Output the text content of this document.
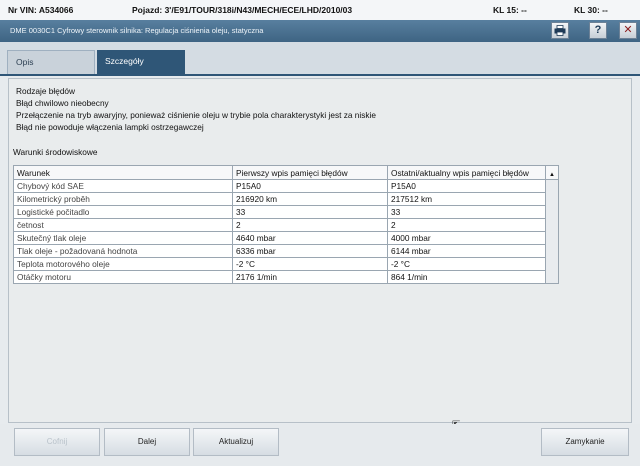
Nr VIN: A534066	Pojazd: 3'/E91/TOUR/318i/N43/MECH/ECE/LHD/2010/03	KL 15: --	KL 30: --
DME 0030C1 Cyfrowy sterownik silnika: Regulacja ciśnienia oleju, statyczna	?	✕
Opis	Szczegóły
Rodzaje błędów
Błąd chwilowo nieobecny
Przełączenie na tryb awaryjny, ponieważ ciśnienie oleju w trybie pola charakterystyki jest za niskie
Błąd nie powoduje włączenia lampki ostrzegawczej
Warunki środowiskowe
Warunek	Pierwszy wpis pamięci błędów	Ostatni/aktualny wpis pamięci błędów	▲
Chybový kód SAE	P15A0	P15A0	
Kilometrický proběh	216920 km	217512 km	
Logistické počitadlo	33	33	
četnost	2	2	
Skutečný tlak oleje	4640 mbar	4000 mbar	
Tlak oleje - požadovaná hodnota	6336 mbar	6144 mbar	
Teplota motorového oleje	-2 °C	-2 °C	
Otáčky motoru	2176 1/min	864 1/min	
Cofnij	Dalej	Aktualizuj	Zamykanie
